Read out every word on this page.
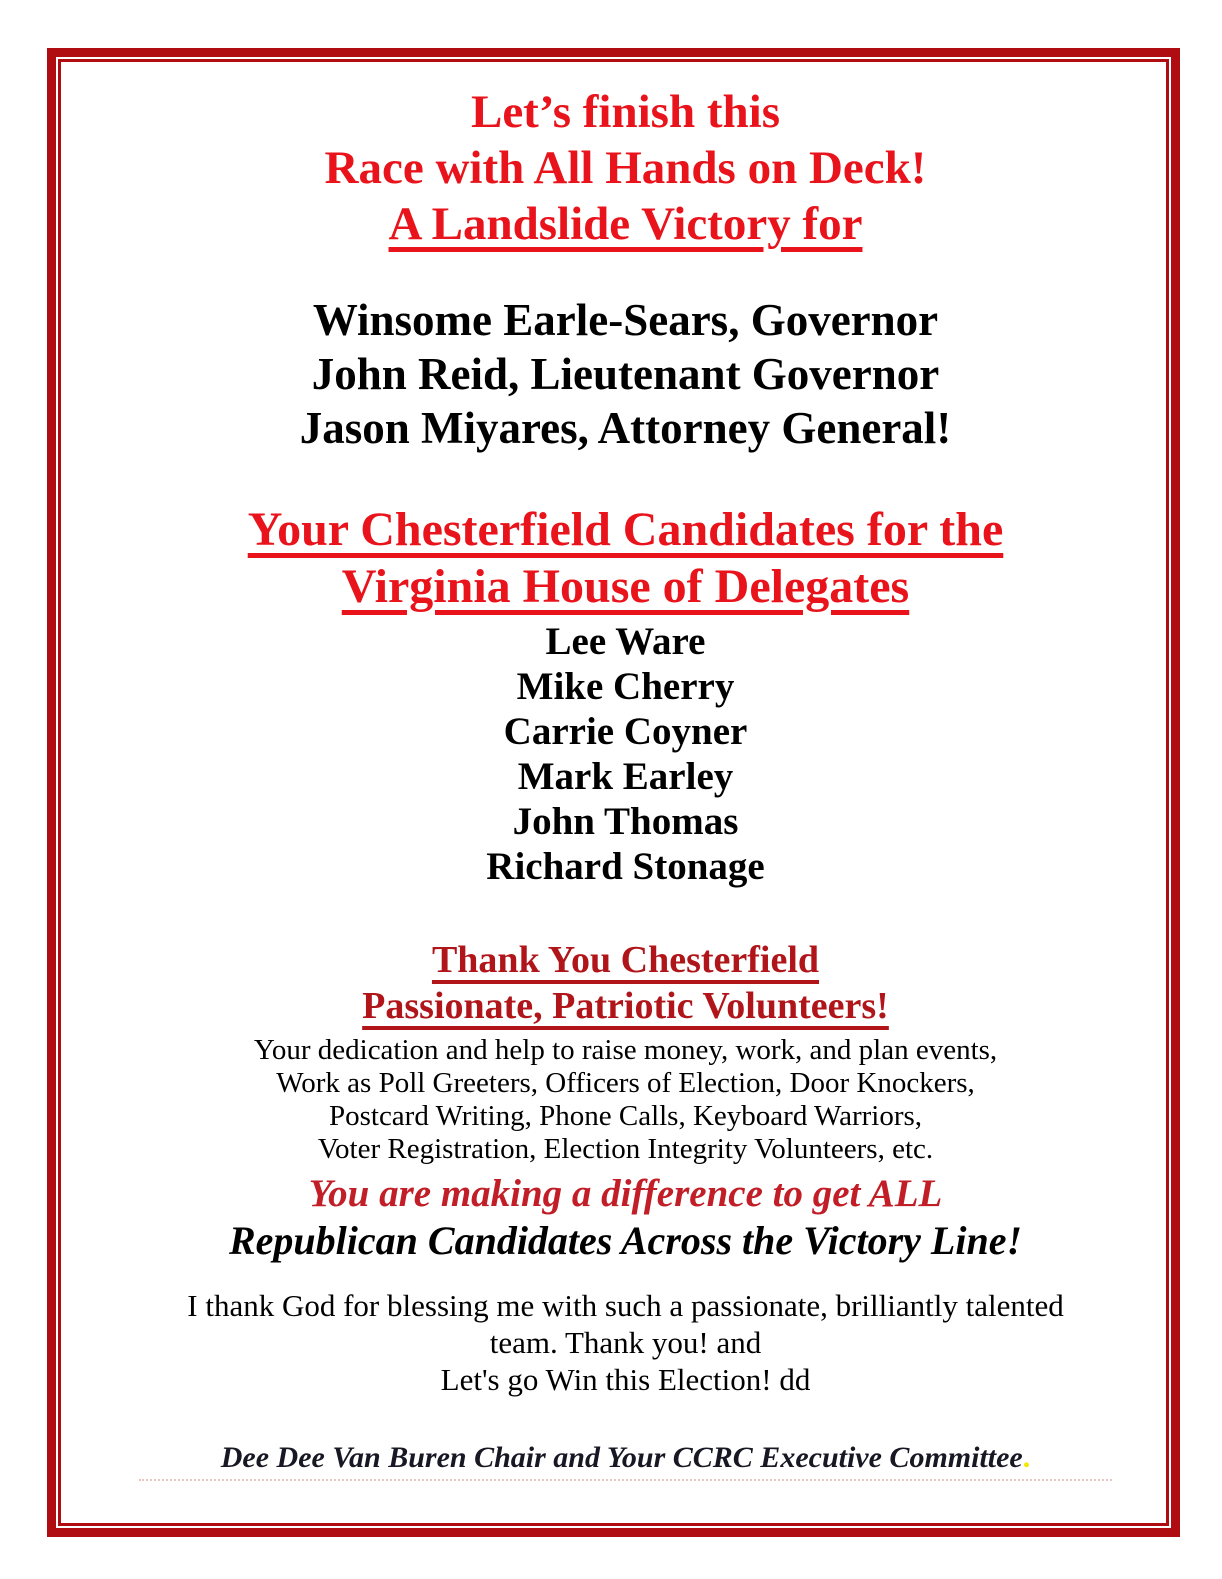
Let’s finish this
Race with All Hands on Deck!
A Landslide Victory for
Winsome Earle-Sears, Governor
John Reid, Lieutenant Governor
Jason Miyares, Attorney General!
Your Chesterfield Candidates for the
Virginia House of Delegates
Lee Ware
Mike Cherry
Carrie Coyner
Mark Earley
John Thomas
Richard Stonage
Thank You Chesterfield
Passionate, Patriotic Volunteers!
Your dedication and help to raise money, work, and plan events,
Work as Poll Greeters, Officers of Election, Door Knockers,
Postcard Writing, Phone Calls, Keyboard Warriors,
Voter Registration, Election Integrity Volunteers, etc.
You are making a difference to get ALL
Republican Candidates Across the Victory Line!
I thank God for blessing me with such a passionate, brilliantly talented
team. Thank you! and
Let's go Win this Election! dd
Dee Dee Van Buren Chair and Your CCRC Executive Committee.
